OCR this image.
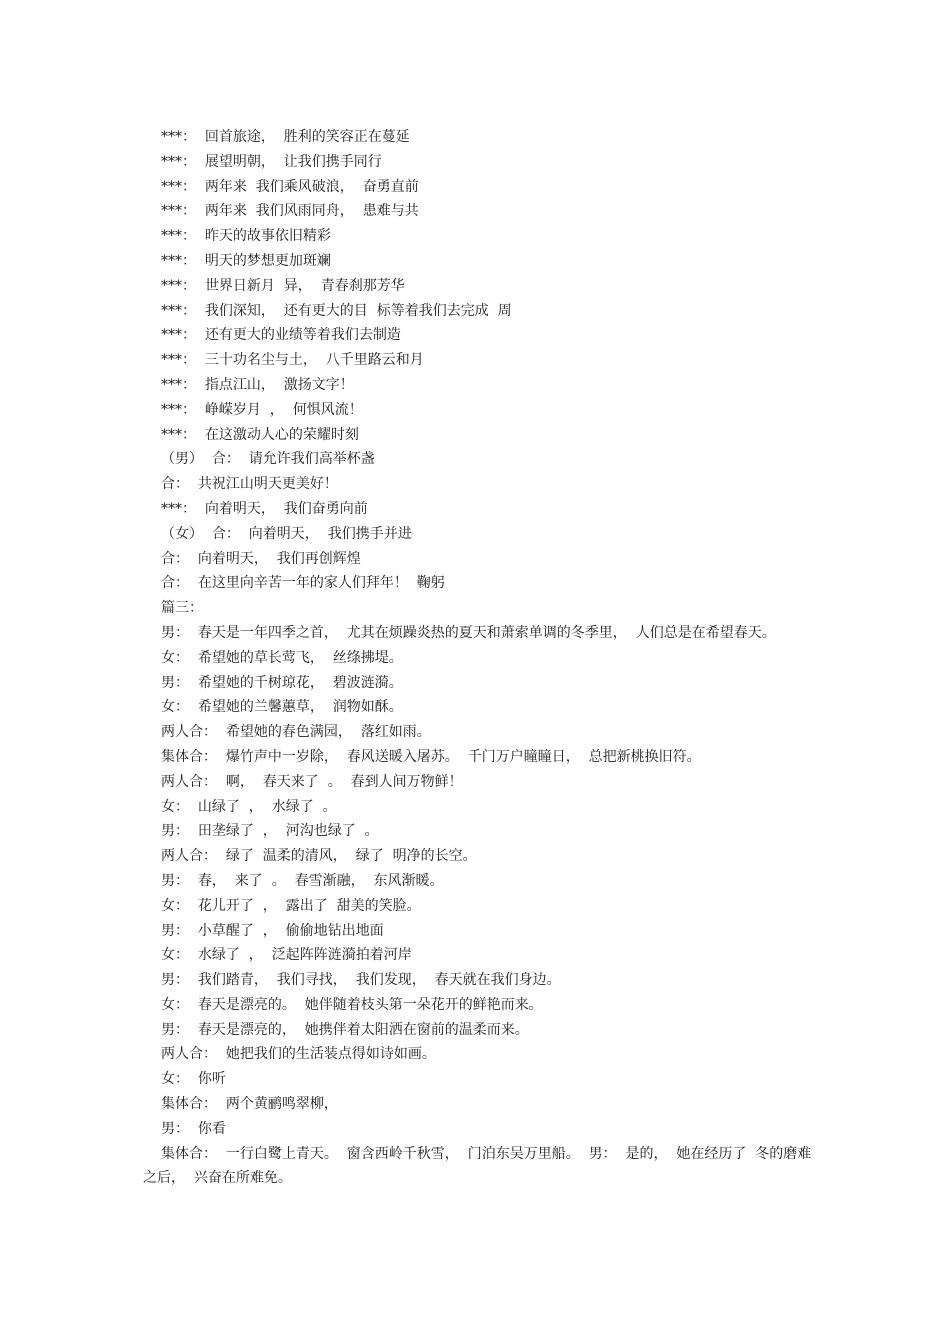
***：  回首旅途，  胜利的笑容正在蔓延

***：  展望明朝，  让我们携手同行

***：  两年来  我们乘风破浪，  奋勇直前

***：  两年来  我们风雨同舟，  患难与共

***：  昨天的故事依旧精彩

***：  明天的梦想更加斑斓

***：  世界日新月  异，  青春刹那芳华

***：  我们深知，  还有更大的目  标等着我们去完成  周

***：  还有更大的业绩等着我们去制造

***：  三十功名尘与土，  八千里路云和月

***：  指点江山，  激扬文字！

***：  峥嵘岁月  ，  何惧风流！

***：  在这激动人心的荣耀时刻

（男）  合：  请允许我们高举杯盏

合：  共祝江山明天更美好！

***：  向着明天，  我们奋勇向前

（女）  合：  向着明天，  我们携手并进

合：  向着明天，  我们再创辉煌

合：  在这里向辛苦一年的家人们拜年！  鞠躬

篇三：

男：  春天是一年四季之首，  尤其在烦躁炎热的夏天和萧索单调的冬季里，  人们总是在希望春天。

女：  希望她的草长莺飞，  丝绦拂堤。

男：  希望她的千树琼花，  碧波涟漪。

女：  希望她的兰馨蕙草，  润物如酥。

两人合：  希望她的春色满园，  落红如雨。

集体合：  爆竹声中一岁除，  春风送暖入屠苏。  千门万户瞳瞳日，  总把新桃换旧符。

两人合：  啊，  春天来了  。  春到人间万物鲜！

女：  山绿了  ，  水绿了  。

男：  田垄绿了  ，  河沟也绿了  。

两人合：  绿了  温柔的清风，  绿了  明净的长空。

男：  春，  来了  。  春雪渐融，  东风渐暖。

女：  花儿开了  ，  露出了  甜美的笑脸。

男：  小草醒了  ，  偷偷地钻出地面

女：  水绿了  ，  泛起阵阵涟漪拍着河岸

男：  我们踏青，  我们寻找，  我们发现，  春天就在我们身边。

女：  春天是漂亮的。  她伴随着枝头第一朵花开的鲜艳而来。

男：  春天是漂亮的，  她携伴着太阳洒在窗前的温柔而来。

两人合：  她把我们的生活装点得如诗如画。

女：  你听

集体合：  两个黄鹂鸣翠柳，

男：  你看

集体合：  一行白鹭上青天。  窗含西岭千秋雪，  门泊东吴万里船。  男：  是的，  她在经历了  冬的磨难之后，  兴奋在所难免。
